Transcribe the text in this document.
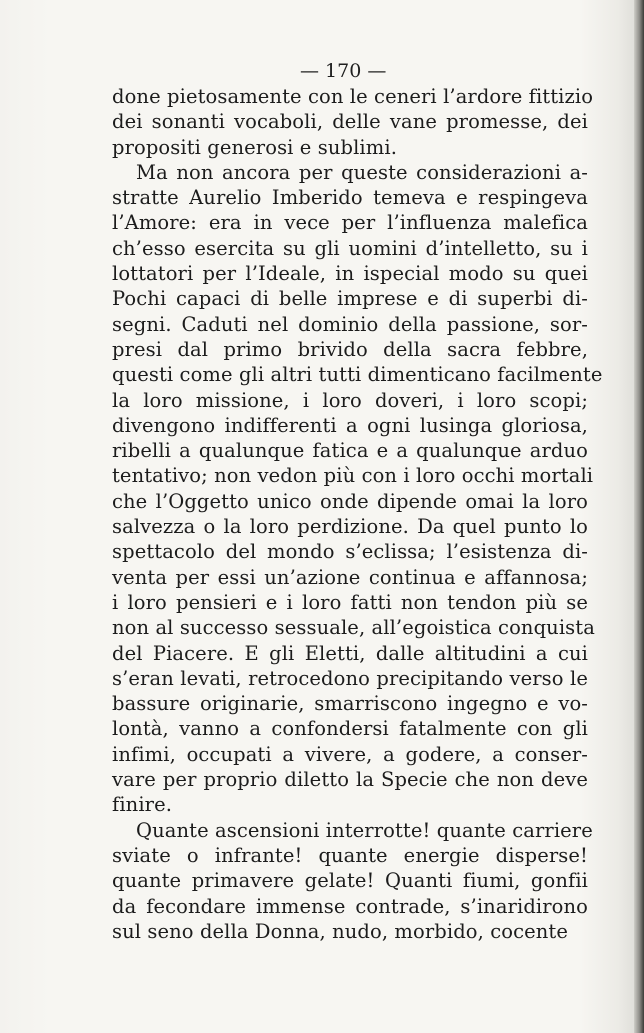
— 170 —
done pietosamente con le ceneri l’ardore fittizio
dei sonanti vocaboli, delle vane promesse, dei
propositi generosi e sublimi.
Ma non ancora per queste considerazioni a-
stratte Aurelio Imberido temeva e respingeva
l’Amore: era in vece per l’influenza malefica
ch’esso esercita su gli uomini d’intelletto, su i
lottatori per l’Ideale, in ispecial modo su quei
Pochi capaci di belle imprese e di superbi di-
segni. Caduti nel dominio della passione, sor-
presi dal primo brivido della sacra febbre,
questi come gli altri tutti dimenticano facilmente
la loro missione, i loro doveri, i loro scopi;
divengono indifferenti a ogni lusinga gloriosa,
ribelli a qualunque fatica e a qualunque arduo
tentativo; non vedon più con i loro occhi mortali
che l’Oggetto unico onde dipende omai la loro
salvezza o la loro perdizione. Da quel punto lo
spettacolo del mondo s’eclissa; l’esistenza di-
venta per essi un’azione continua e affannosa;
i loro pensieri e i loro fatti non tendon più se
non al successo sessuale, all’egoistica conquista
del Piacere. E gli Eletti, dalle altitudini a cui
s’eran levati, retrocedono precipitando verso le
bassure originarie, smarriscono ingegno e vo-
lontà, vanno a confondersi fatalmente con gli
infimi, occupati a vivere, a godere, a conser-
vare per proprio diletto la Specie che non deve
finire.
Quante ascensioni interrotte! quante carriere
sviate o infrante! quante energie disperse!
quante primavere gelate! Quanti fiumi, gonfii
da fecondare immense contrade, s’inaridirono
sul seno della Donna, nudo, morbido, cocente
